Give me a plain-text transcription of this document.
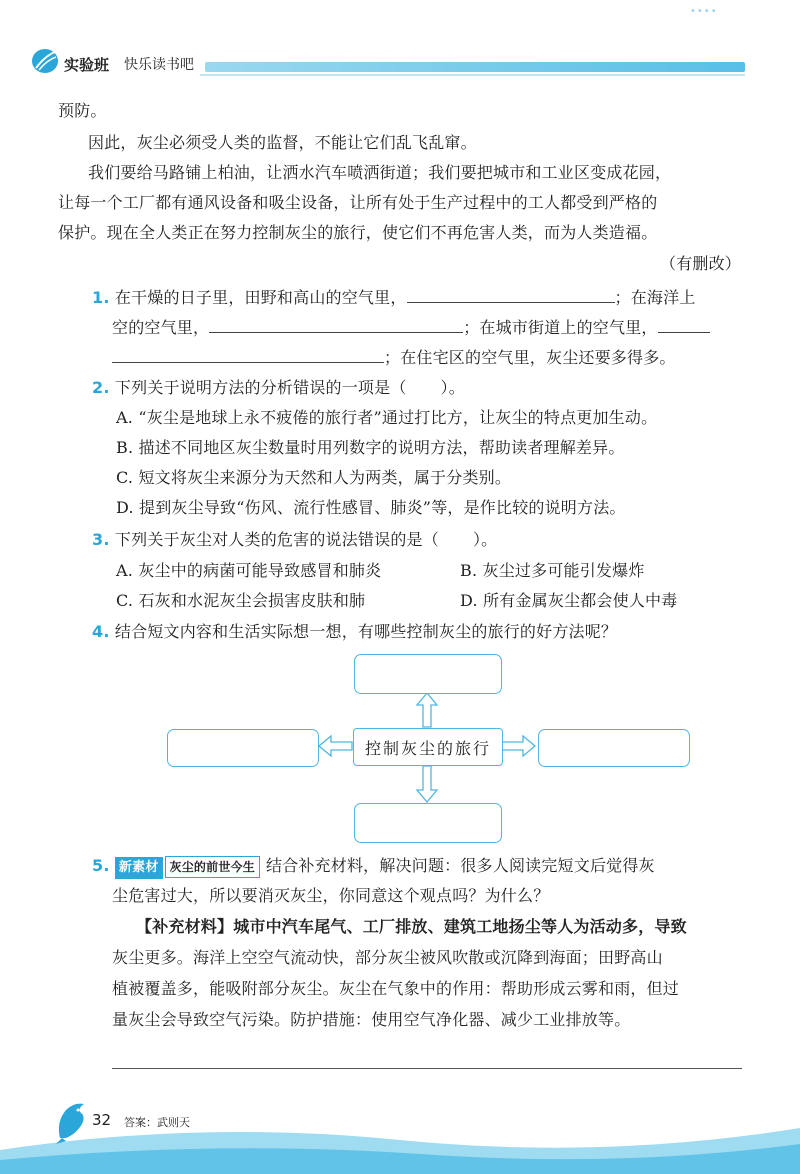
实验班 快乐读书吧
••••
预防。
因此，灰尘必须受人类的监督，不能让它们乱飞乱窜。
我们要给马路铺上柏油，让洒水汽车喷洒街道；我们要把城市和工业区变成花园，
让每一个工厂都有通风设备和吸尘设备，让所有处于生产过程中的工人都受到严格的
保护。现在全人类正在努力控制灰尘的旅行，使它们不再危害人类，而为人类造福。
（有删改）
1. 在干燥的日子里，田野和高山的空气里，	；在海洋上
空的空气里，	；在城市街道上的空气里，
；在住宅区的空气里，灰尘还要多得多。
2. 下列关于说明方法的分析错误的一项是（ ）。
A. “灰尘是地球上永不疲倦的旅行者”通过打比方，让灰尘的特点更加生动。
B. 描述不同地区灰尘数量时用列数字的说明方法，帮助读者理解差异。
C. 短文将灰尘来源分为天然和人为两类，属于分类别。
D. 提到灰尘导致“伤风、流行性感冒、肺炎”等，是作比较的说明方法。
3. 下列关于灰尘对人类的危害的说法错误的是（ ）。
A. 灰尘中的病菌可能导致感冒和肺炎	B. 灰尘过多可能引发爆炸
C. 石灰和水泥灰尘会损害皮肤和肺	D. 所有金属灰尘都会使人中毒
4. 结合短文内容和生活实际想一想，有哪些控制灰尘的旅行的好方法呢？
控制灰尘的旅行
5. 新素材 灰尘的前世今生 结合补充材料，解决问题：很多人阅读完短文后觉得灰
尘危害过大，所以要消灭灰尘，你同意这个观点吗？为什么？
【补充材料】城市中汽车尾气、工厂排放、建筑工地扬尘等人为活动多，导致
灰尘更多。海洋上空空气流动快，部分灰尘被风吹散或沉降到海面；田野高山
植被覆盖多，能吸附部分灰尘。灰尘在气象中的作用：帮助形成云雾和雨，但过
量灰尘会导致空气污染。防护措施：使用空气净化器、减少工业排放等。
32 答案：武则天
